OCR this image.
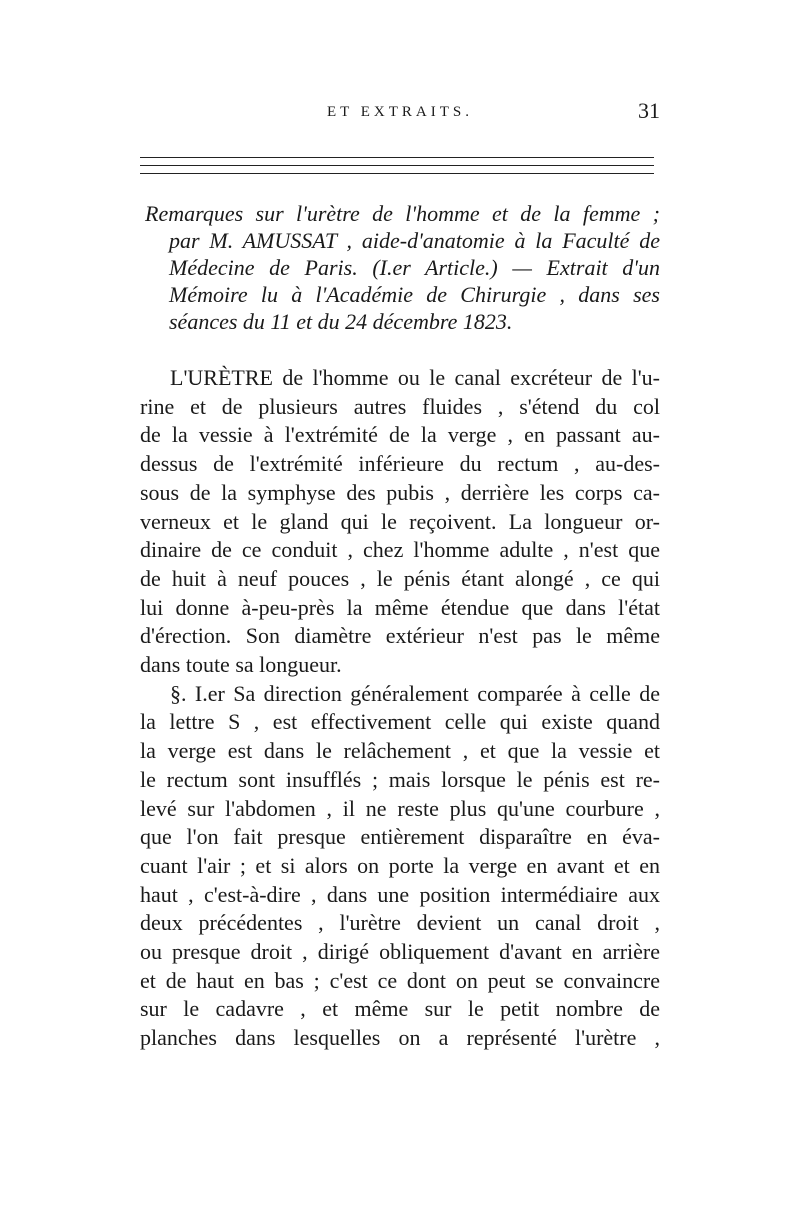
ET EXTRAITS.	31
Remarques sur l'urètre de l'homme et de la femme ;
par M. AMUSSAT , aide-d'anatomie à la Faculté de
Médecine de Paris. (I.er Article.) — Extrait d'un
Mémoire lu à l'Académie de Chirurgie , dans ses
séances du 11 et du 24 décembre 1823.
L'URÈTRE de l'homme ou le canal excréteur de l'u-
rine et de plusieurs autres fluides , s'étend du col
de la vessie à l'extrémité de la verge , en passant au-
dessus de l'extrémité inférieure du rectum , au-des-
sous de la symphyse des pubis , derrière les corps ca-
verneux et le gland qui le reçoivent. La longueur or-
dinaire de ce conduit , chez l'homme adulte , n'est que
de huit à neuf pouces , le pénis étant alongé , ce qui
lui donne à-peu-près la même étendue que dans l'état
d'érection. Son diamètre extérieur n'est pas le même
dans toute sa longueur.
§. I.er Sa direction généralement comparée à celle de
la lettre S , est effectivement celle qui existe quand
la verge est dans le relâchement , et que la vessie et
le rectum sont insufflés ; mais lorsque le pénis est re-
levé sur l'abdomen , il ne reste plus qu'une courbure ,
que l'on fait presque entièrement disparaître en éva-
cuant l'air ; et si alors on porte la verge en avant et en
haut , c'est-à-dire , dans une position intermédiaire aux
deux précédentes , l'urètre devient un canal droit ,
ou presque droit , dirigé obliquement d'avant en arrière
et de haut en bas ; c'est ce dont on peut se convaincre
sur le cadavre , et même sur le petit nombre de
planches dans lesquelles on a représenté l'urètre ,
